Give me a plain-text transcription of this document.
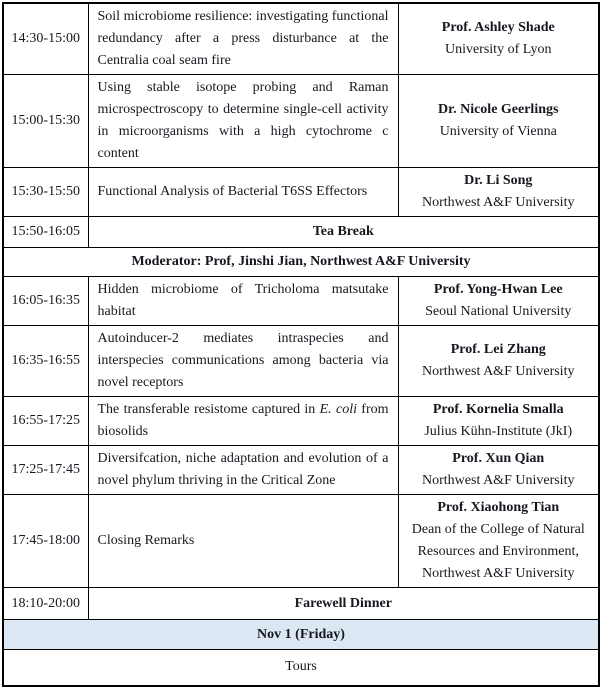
14:30-15:00	Soil microbiome resilience: investigating functional redundancy after a press disturbance at the Centralia coal seam fire	Prof. Ashley Shade
University of Lyon

15:00-15:30	Using stable isotope probing and Raman microspectroscopy to determine single-cell activity in microorganisms with a high cytochrome c content	Dr. Nicole Geerlings
University of Vienna

15:30-15:50	Functional Analysis of Bacterial T6SS Effectors	Dr. Li Song
Northwest A&F University

15:50-16:05	Tea Break	
Moderator: Prof, Jinshi Jian, Northwest A&F University		
16:05-16:35	Hidden microbiome of Tricholoma matsutake habitat	Prof. Yong-Hwan Lee
Seoul National University

16:35-16:55	Autoinducer-2 mediates intraspecies and interspecies communications among bacteria via novel receptors	Prof. Lei Zhang
Northwest A&F University

16:55-17:25	The transferable resistome captured in E. coli from biosolids	Prof. Kornelia Smalla
Julius Kühn-Institute (JkI)

17:25-17:45	Diversifcation, niche adaptation and evolution of a novel phylum thriving in the Critical Zone	Prof. Xun Qian
Northwest A&F University

17:45-18:00	Closing Remarks	Prof. Xiaohong Tian
Dean of the College of Natural
Resources and Environment,
Northwest A&F University

18:10-20:00	Farewell Dinner	
Nov 1 (Friday)		
Tours		
